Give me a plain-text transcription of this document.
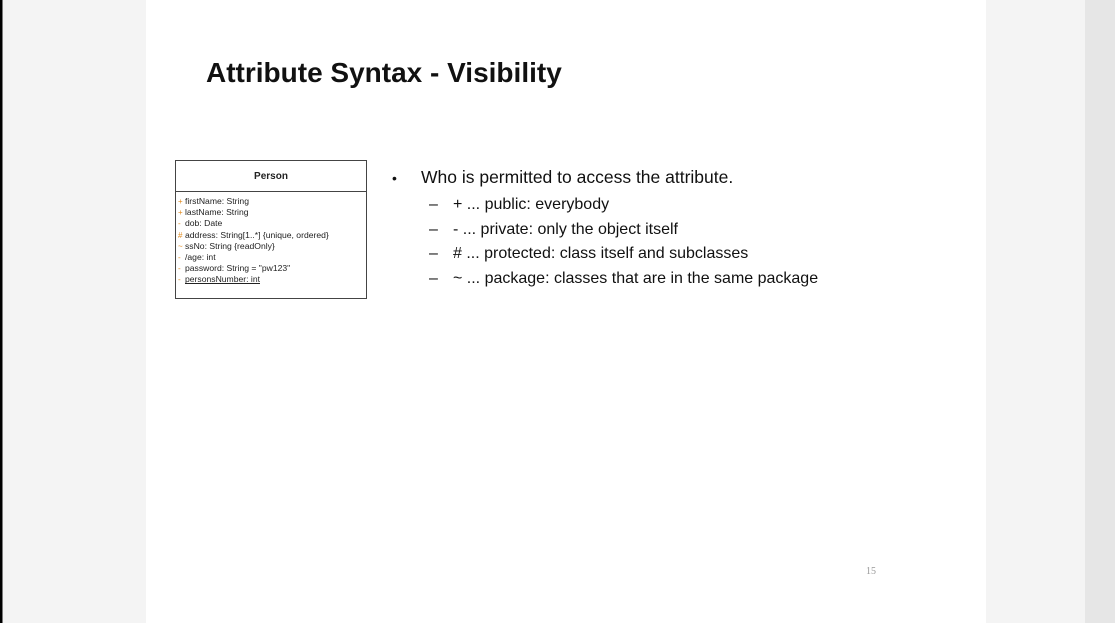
Attribute Syntax - Visibility
Person
+ firstName: String
+ lastName: String
- dob: Date
# address: String[1..*] {unique, ordered}
~ ssNo: String {readOnly}
- /age: int
- password: String = "pw123"
- personsNumber: int
• Who is permitted to access the attribute.
– + ... public: everybody
– - ... private: only the object itself
– # ... protected: class itself and subclasses
– ~ ... package: classes that are in the same package
15
